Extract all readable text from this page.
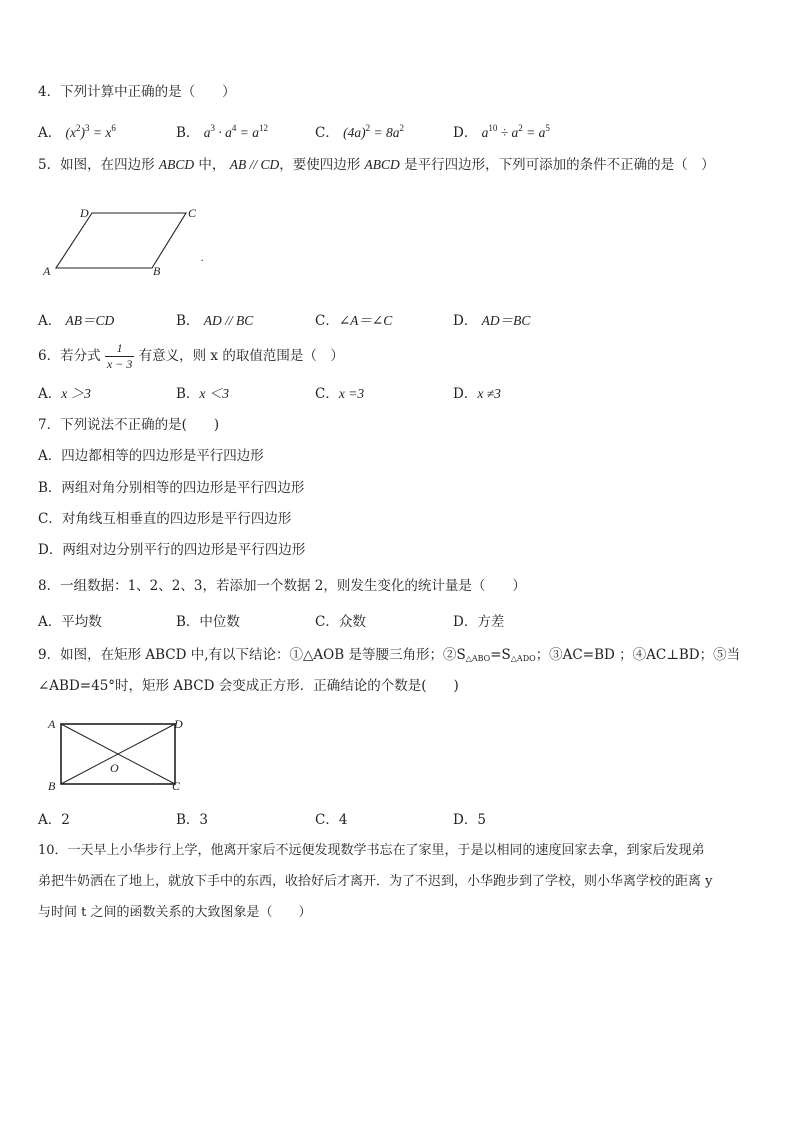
4．下列计算中正确的是（　　）
A． $(x^2)^3 = x^6$	B． $a^3 \cdot a^4 = a^{12}$	C． $(4a)^2 = 8a^2$	D． $a^{10} \div a^2 = a^5$
5．如图，在四边形 ABCD 中， AB // CD，要使四边形 ABCD 是平行四边形，下列可添加的条件不正确的是（　）
A	B
C
D
.
A． AB＝CD	B． AD // BC	C．∠A＝∠C	D． AD＝BC
6．若分式 $\frac{1}{x - 3}$ 有意义，则 x 的取值范围是（　）
A．x ＞3	B．x ＜3	C．x =3	D．x ≠3
7．下列说法不正确的是(　　)
A．四边都相等的四边形是平行四边形
B．两组对角分别相等的四边形是平行四边形
C．对角线互相垂直的四边形是平行四边形
D．两组对边分别平行的四边形是平行四边形
8．一组数据：1、2、2、3，若添加一个数据 2，则发生变化的统计量是（　　）
A．平均数	B．中位数	C．众数	D．方差
9．如图，在矩形 ABCD 中,有以下结论：①△AOB 是等腰三角形；$②S_{\triangle ABO}=S_{\triangle ADO}$；③AC=BD ；④AC⊥BD；⑤当
∠ABD=45°时，矩形 ABCD 会变成正方形．正确结论的个数是(　　)
A
B	C
D
O
A．2	B．3	C．4	D．5
10．一天早上小华步行上学，他离开家后不远便发现数学书忘在了家里，于是以相同的速度回家去拿，到家后发现弟
弟把牛奶洒在了地上，就放下手中的东西，收拾好后才离开．为了不迟到，小华跑步到了学校，则小华离学校的距离 y
与时间 t 之间的函数关系的大致图象是（　　）
